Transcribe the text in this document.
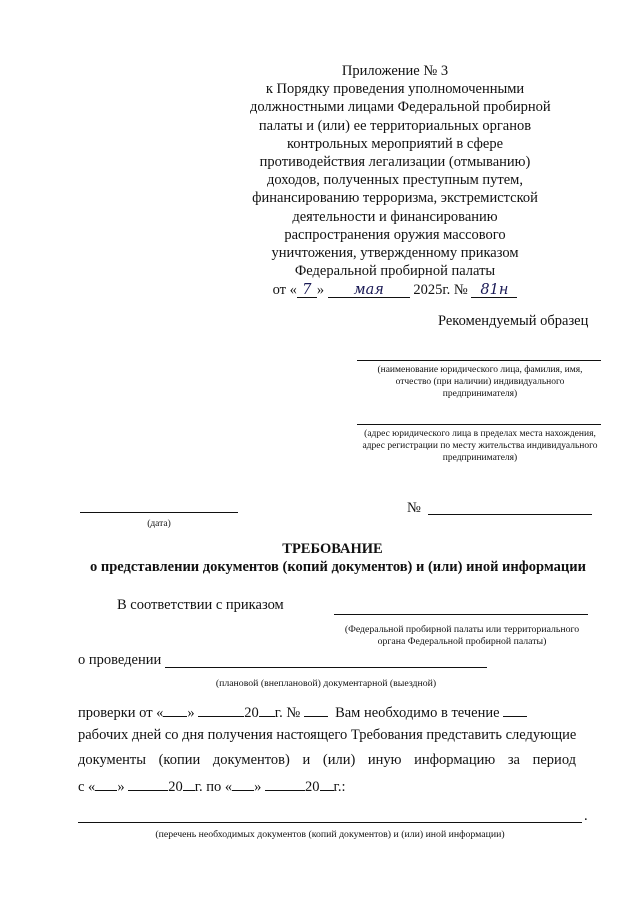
Приложение № 3
к Порядку проведения уполномоченными
должностными лицами Федеральной пробирной
палаты и (или) ее территориальных органов
контрольных мероприятий в сфере
противодействия легализации (отмыванию)
доходов, полученных преступным путем,
финансированию терроризма, экстремистской
деятельности и финансированию
распространения оружия массового
уничтожения, утвержденному приказом
Федеральной пробирной палаты
от « 7 » мая 2025г. № 81н
Рекомендуемый образец
(наименование юридического лица, фамилия, имя, отчество (при наличии) индивидуального предпринимателя)
(адрес юридического лица в пределах места нахождения, адрес регистрации по месту жительства индивидуального предпринимателя)
(дата)
№
ТРЕБОВАНИЕ
о представлении документов (копий документов) и (или) иной информации
В соответствии с приказом
(Федеральной пробирной палаты или территориального органа Федеральной пробирной палаты)
о проведении
(плановой (внеплановой) документарной (выездной)
проверки от « »	20 г. № Вам необходимо в течение
рабочих дней со дня получения настоящего Требования представить следующие
документы (копии документов) и (или) иную информацию за период
с « »	20 г. по « »	20 г.:
.
(перечень необходимых документов (копий документов) и (или) иной информации)
